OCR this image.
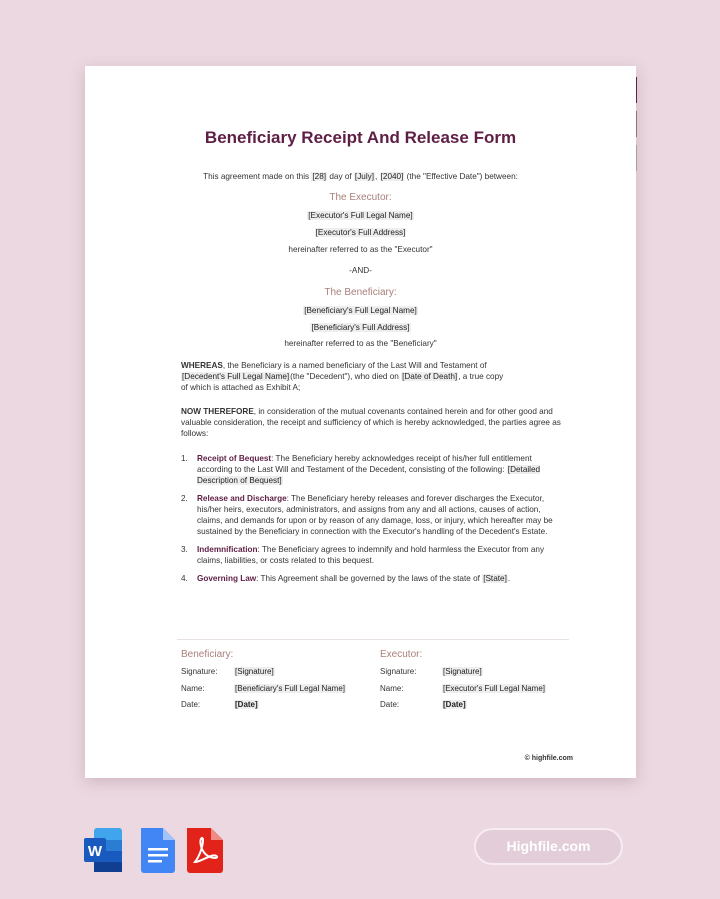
Beneficiary Receipt And Release Form
This agreement made on this [28] day of [July], [2040] (the "Effective Date") between:
The Executor:
[Executor's Full Legal Name]
[Executor's Full Address]
hereinafter referred to as the "Executor"
-AND-
The Beneficiary:
[Beneficiary's Full Legal Name]
[Beneficiary's Full Address]
hereinafter referred to as the "Beneficiary"
WHEREAS, the Beneficiary is a named beneficiary of the Last Will and Testament of
[Decedent's Full Legal Name](the "Decedent"), who died on [Date of Death], a true copy
of which is attached as Exhibit A;
NOW THEREFORE, in consideration of the mutual covenants contained herein and for other good and valuable consideration, the receipt and sufficiency of which is hereby acknowledged, the parties agree as follows:
1. Receipt of Bequest: The Beneficiary hereby acknowledges receipt of his/her full entitlement according to the Last Will and Testament of the Decedent, consisting of the following: [Detailed Description of Bequest]
2. Release and Discharge: The Beneficiary hereby releases and forever discharges the Executor, his/her heirs, executors, administrators, and assigns from any and all actions, causes of action, claims, and demands for upon or by reason of any damage, loss, or injury, which hereafter may be sustained by the Beneficiary in connection with the Executor's handling of the Decedent's Estate.
3. Indemnification: The Beneficiary agrees to indemnify and hold harmless the Executor from any claims, liabilities, or costs related to this bequest.
4. Governing Law: This Agreement shall be governed by the laws of the state of [State].
Beneficiary:
Signature: [Signature]
Name:	[Beneficiary's Full Legal Name]
Date:	[Date]
Executor:
Signature:	[Signature]
Name:	[Executor's Full Legal Name]
Date:	[Date]
© highfile.com
W	Highfile.com
